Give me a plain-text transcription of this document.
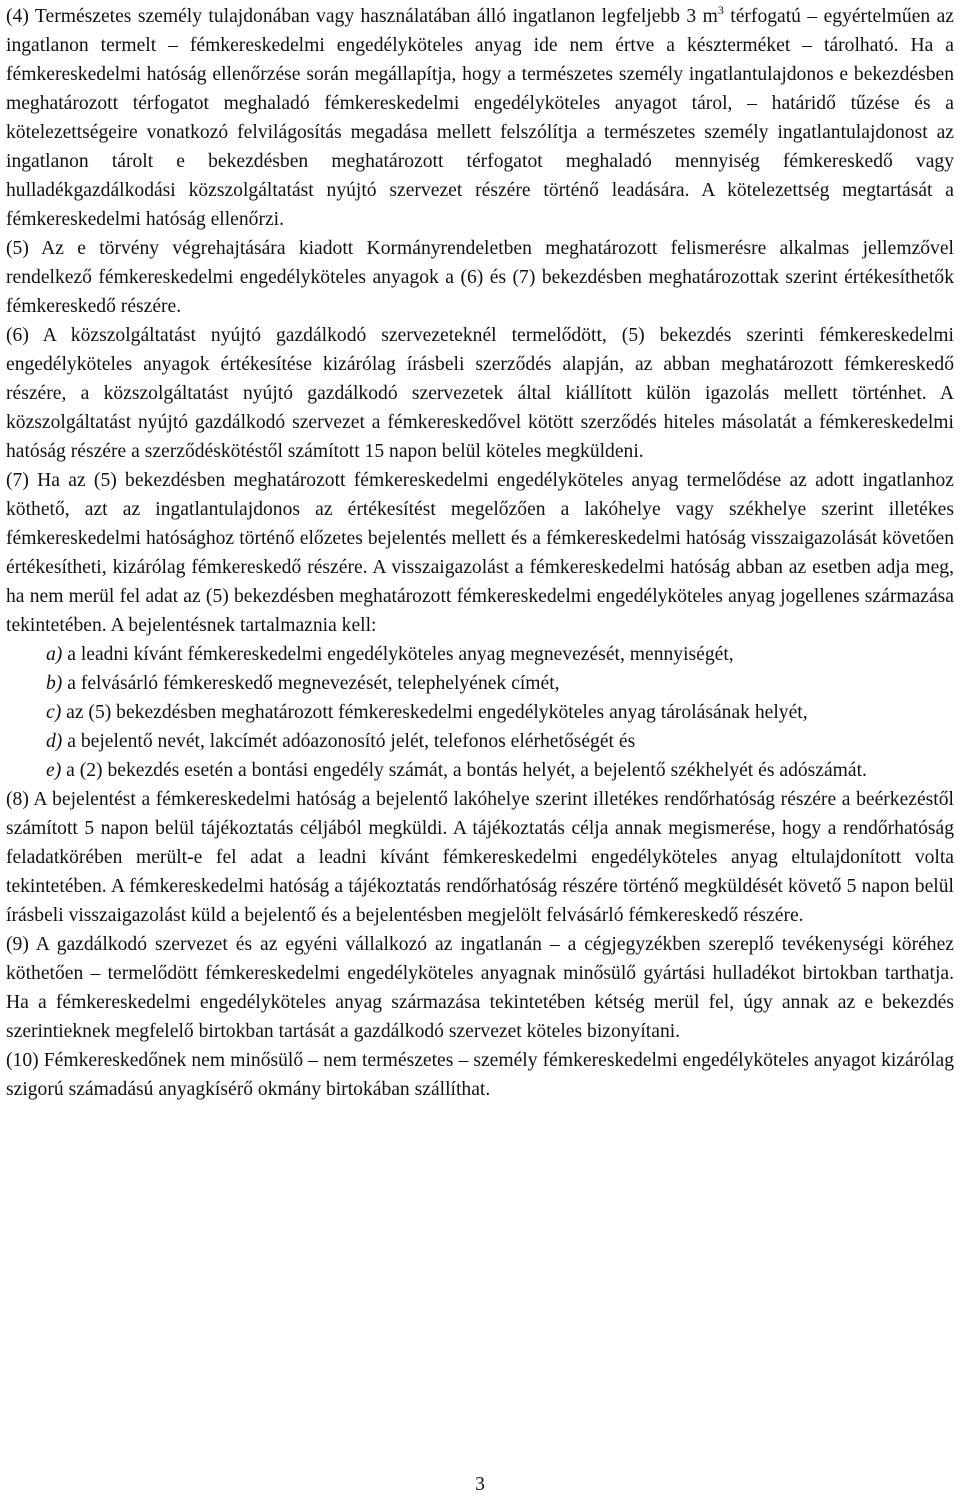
(4) Természetes személy tulajdonában vagy használatában álló ingatlanon legfeljebb 3 $m^3$ térfogatú – egyértelműen az ingatlanon termelt – fémkereskedelmi engedélyköteles anyag ide nem értve a készterméket – tárolható. Ha a fémkereskedelmi hatóság ellenőrzése során megállapítja, hogy a természetes személy ingatlantulajdonos e bekezdésben meghatározott térfogatot meghaladó fémkereskedelmi engedélyköteles anyagot tárol, – határidő tűzése és a kötelezettségeire vonatkozó felvilágosítás megadása mellett felszólítja a természetes személy ingatlantulajdonost az ingatlanon tárolt e bekezdésben meghatározott térfogatot meghaladó mennyiség fémkereskedő vagy hulladékgazdálkodási közszolgáltatást nyújtó szervezet részére történő leadására. A kötelezettség megtartását a fémkereskedelmi hatóság ellenőrzi.

(5) Az e törvény végrehajtására kiadott Kormányrendeletben meghatározott felismerésre alkalmas jellemzővel rendelkező fémkereskedelmi engedélyköteles anyagok a (6) és (7) bekezdésben meghatározottak szerint értékesíthetők fémkereskedő részére.

(6) A közszolgáltatást nyújtó gazdálkodó szervezeteknél termelődött, (5) bekezdés szerinti fémkereskedelmi engedélyköteles anyagok értékesítése kizárólag írásbeli szerződés alapján, az abban meghatározott fémkereskedő részére, a közszolgáltatást nyújtó gazdálkodó szervezetek által kiállított külön igazolás mellett történhet. A közszolgáltatást nyújtó gazdálkodó szervezet a fémkereskedővel kötött szerződés hiteles másolatát a fémkereskedelmi hatóság részére a szerződéskötéstől számított 15 napon belül köteles megküldeni.

(7) Ha az (5) bekezdésben meghatározott fémkereskedelmi engedélyköteles anyag termelődése az adott ingatlanhoz köthető, azt az ingatlantulajdonos az értékesítést megelőzően a lakóhelye vagy székhelye szerint illetékes fémkereskedelmi hatósághoz történő előzetes bejelentés mellett és a fémkereskedelmi hatóság visszaigazolását követően értékesítheti, kizárólag fémkereskedő részére. A visszaigazolást a fémkereskedelmi hatóság abban az esetben adja meg, ha nem merül fel adat az (5) bekezdésben meghatározott fémkereskedelmi engedélyköteles anyag jogellenes származása tekintetében. A bejelentésnek tartalmaznia kell:

a) a leadni kívánt fémkereskedelmi engedélyköteles anyag megnevezését, mennyiségét,

b) a felvásárló fémkereskedő megnevezését, telephelyének címét,

c) az (5) bekezdésben meghatározott fémkereskedelmi engedélyköteles anyag tárolásának helyét,

d) a bejelentő nevét, lakcímét adóazonosító jelét, telefonos elérhetőségét és

e) a (2) bekezdés esetén a bontási engedély számát, a bontás helyét, a bejelentő székhelyét és adószámát.

(8) A bejelentést a fémkereskedelmi hatóság a bejelentő lakóhelye szerint illetékes rendőrhatóság részére a beérkezéstől számított 5 napon belül tájékoztatás céljából megküldi. A tájékoztatás célja annak megismerése, hogy a rendőrhatóság feladatkörében merült-e fel adat a leadni kívánt fémkereskedelmi engedélyköteles anyag eltulajdonított volta tekintetében. A fémkereskedelmi hatóság a tájékoztatás rendőrhatóság részére történő megküldését követő 5 napon belül írásbeli visszaigazolást küld a bejelentő és a bejelentésben megjelölt felvásárló fémkereskedő részére.

(9) A gazdálkodó szervezet és az egyéni vállalkozó az ingatlanán – a cégjegyzékben szereplő tevékenységi köréhez köthetően – termelődött fémkereskedelmi engedélyköteles anyagnak minősülő gyártási hulladékot birtokban tarthatja. Ha a fémkereskedelmi engedélyköteles anyag származása tekintetében kétség merül fel, úgy annak az e bekezdés szerintieknek megfelelő birtokban tartását a gazdálkodó szervezet köteles bizonyítani.

(10) Fémkereskedőnek nem minősülő – nem természetes – személy fémkereskedelmi engedélyköteles anyagot kizárólag szigorú számadású anyagkísérő okmány birtokában szállíthat.

3
